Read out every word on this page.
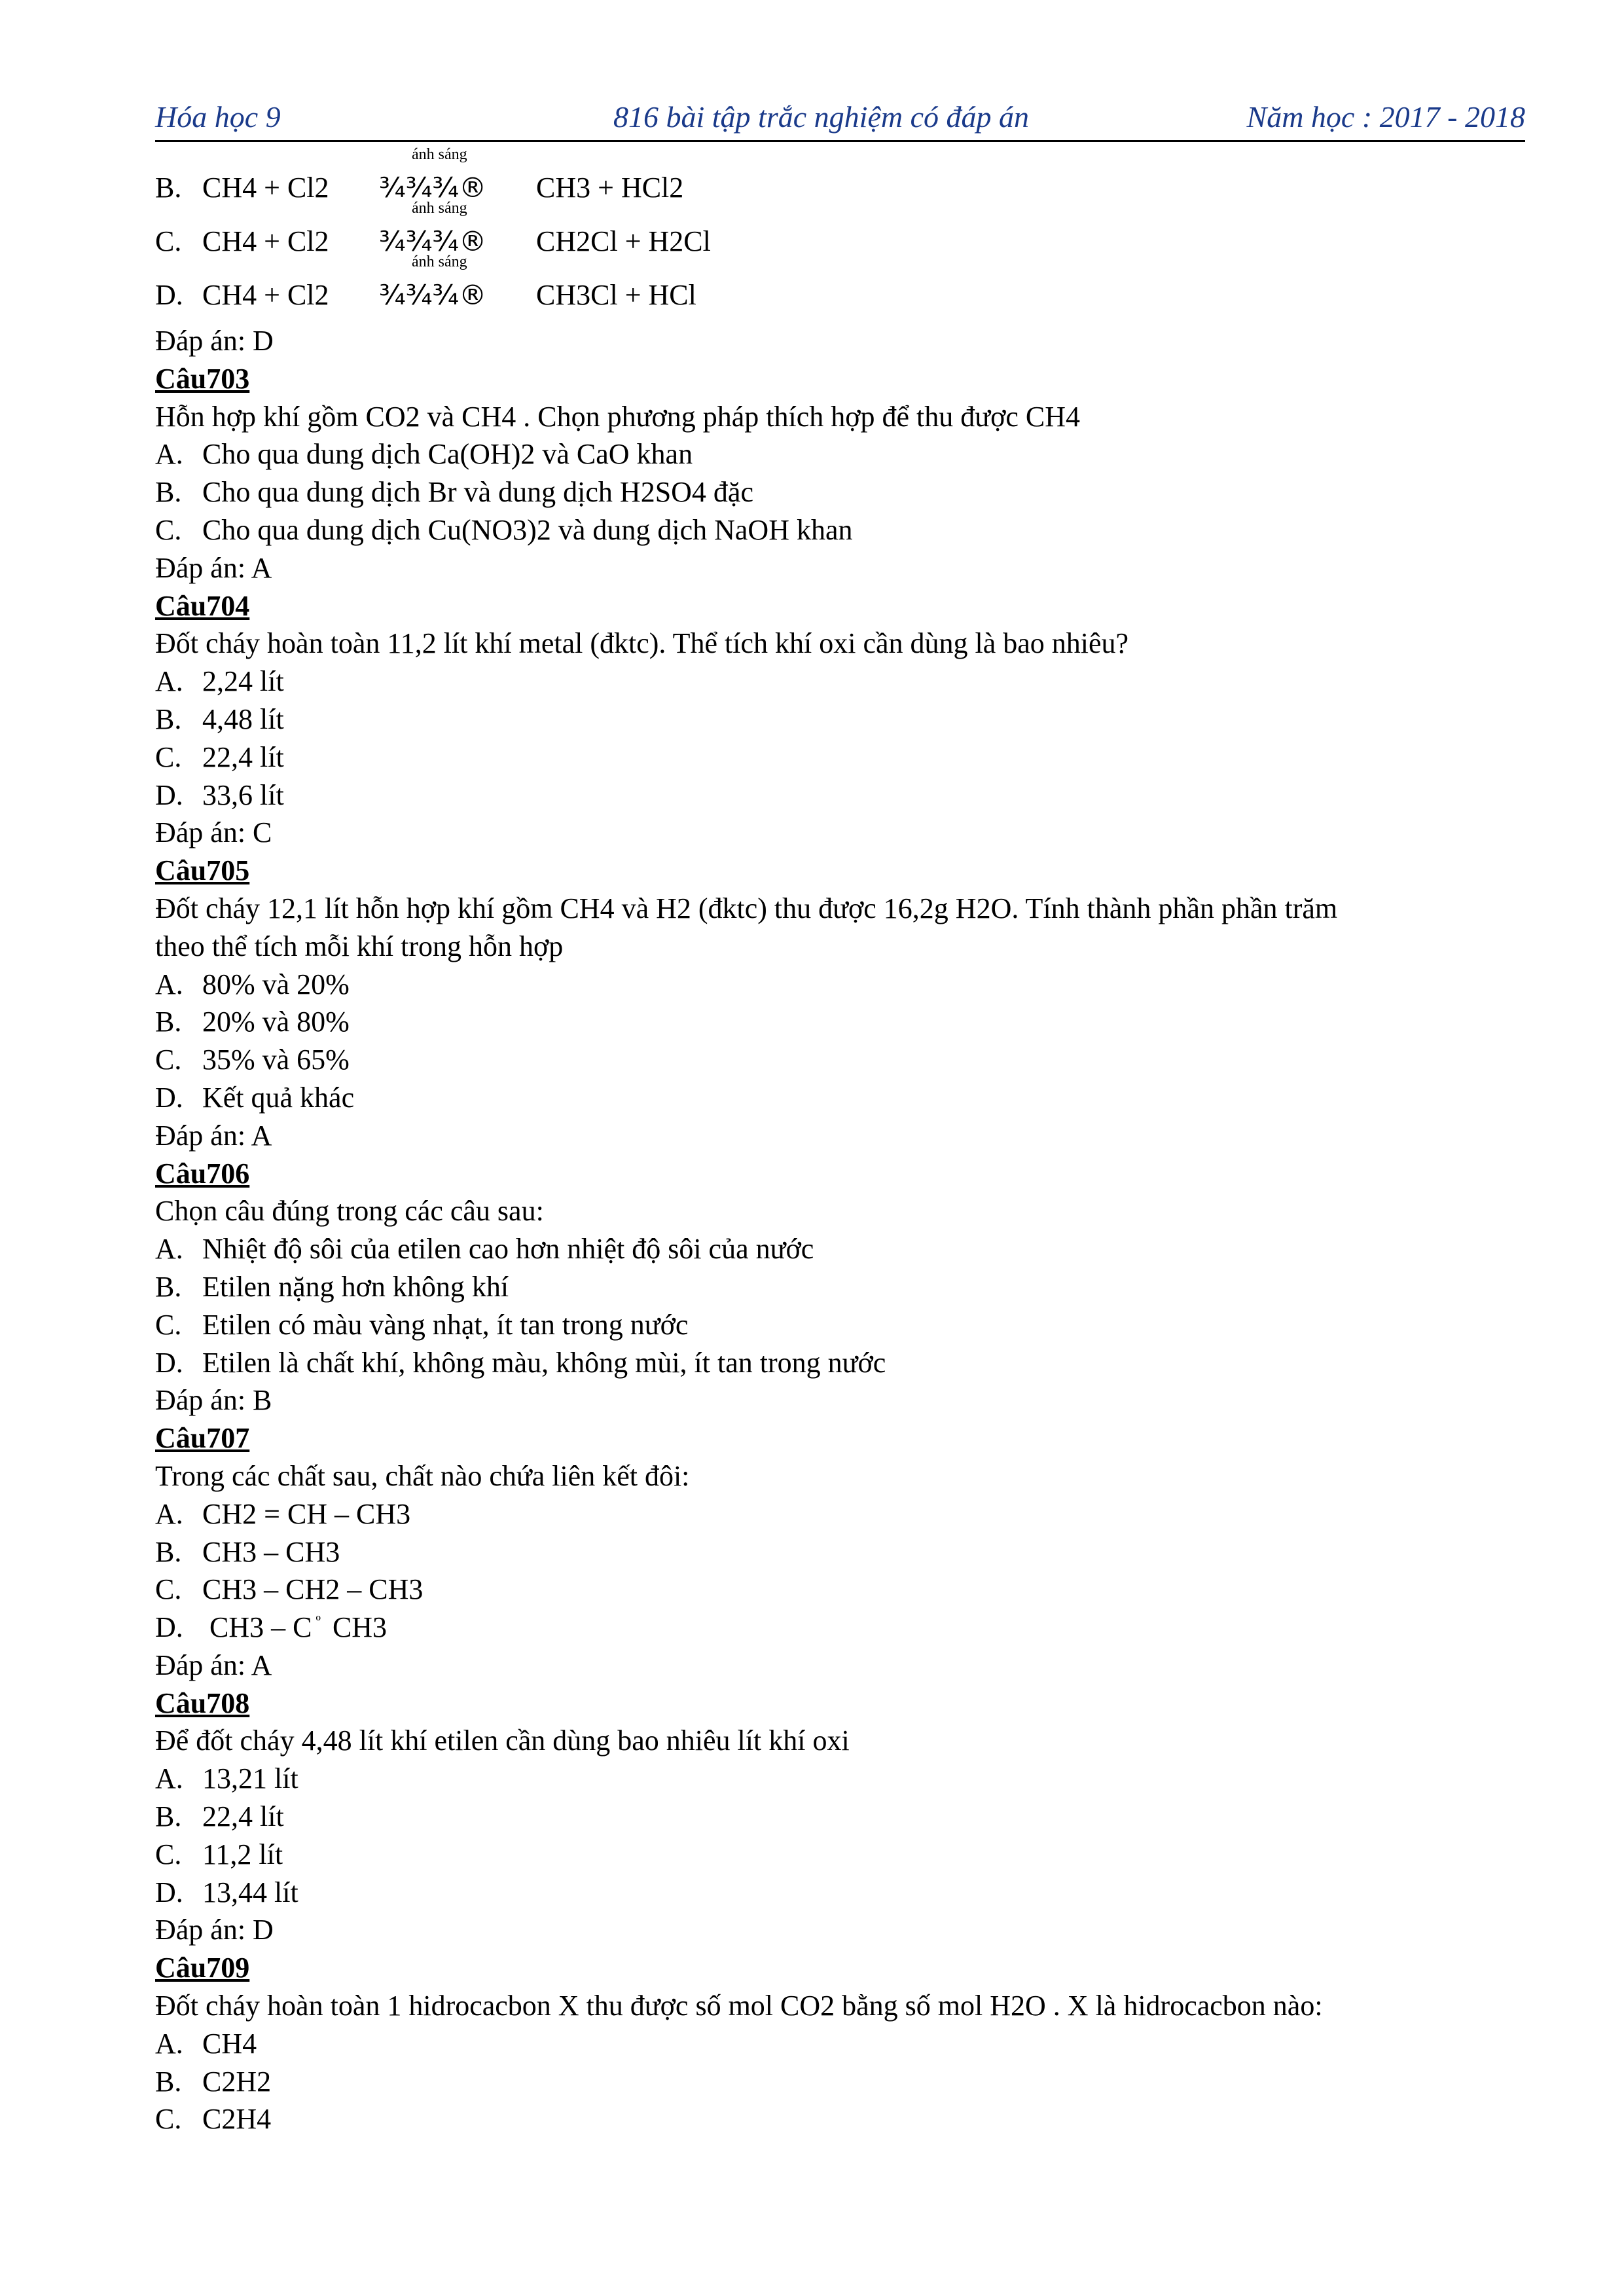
Hóa học 9	816 bài tập trắc nghiệm có đáp án	Năm học : 2017 - 2018
B. CH4 + Cl2 ¾¾¾®
ánh sáng
CH3 + HCl2
C. CH4 + Cl2 ¾¾¾®
ánh sáng
CH2Cl + H2Cl
D. CH4 + Cl2 ¾¾¾®
ánh sáng
CH3Cl + HCl
Đáp án: D
Câu703
Hỗn hợp khí gồm CO2 và CH4 . Chọn phương pháp thích hợp để thu được CH4
A. Cho qua dung dịch Ca(OH)2 và CaO khan
B. Cho qua dung dịch Br và dung dịch H2SO4 đặc
C. Cho qua dung dịch Cu(NO3)2 và dung dịch NaOH khan
Đáp án: A
Câu704
Đốt cháy hoàn toàn 11,2 lít khí metal (đktc). Thể tích khí oxi cần dùng là bao nhiêu?
A. 2,24 lít
B. 4,48 lít
C. 22,4 lít
D. 33,6 lít
Đáp án: C
Câu705
Đốt cháy 12,1 lít hỗn hợp khí gồm CH4 và H2 (đktc) thu được 16,2g H2O. Tính thành phần phần trăm
theo thể tích mỗi khí trong hỗn hợp
A. 80% và 20%
B. 20% và 80%
C. 35% và 65%
D. Kết quả khác
Đáp án: A
Câu706
Chọn câu đúng trong các câu sau:
A. Nhiệt độ sôi của etilen cao hơn nhiệt độ sôi của nước
B. Etilen nặng hơn không khí
C. Etilen có màu vàng nhạt, ít tan trong nước
D. Etilen là chất khí, không màu, không mùi, ít tan trong nước
Đáp án: B
Câu707
Trong các chất sau, chất nào chứa liên kết đôi:
A. CH2 = CH – CH3
B. CH3 – CH3
C. CH3 – CH2 – CH3
D. CH3 – C $^º$ CH3
Đáp án: A
Câu708
Để đốt cháy 4,48 lít khí etilen cần dùng bao nhiêu lít khí oxi
A. 13,21 lít
B. 22,4 lít
C. 11,2 lít
D. 13,44 lít
Đáp án: D
Câu709
Đốt cháy hoàn toàn 1 hidrocacbon X thu được số mol CO2 bằng số mol H2O . X là hidrocacbon nào:
A. CH4
B. C2H2
C. C2H4
